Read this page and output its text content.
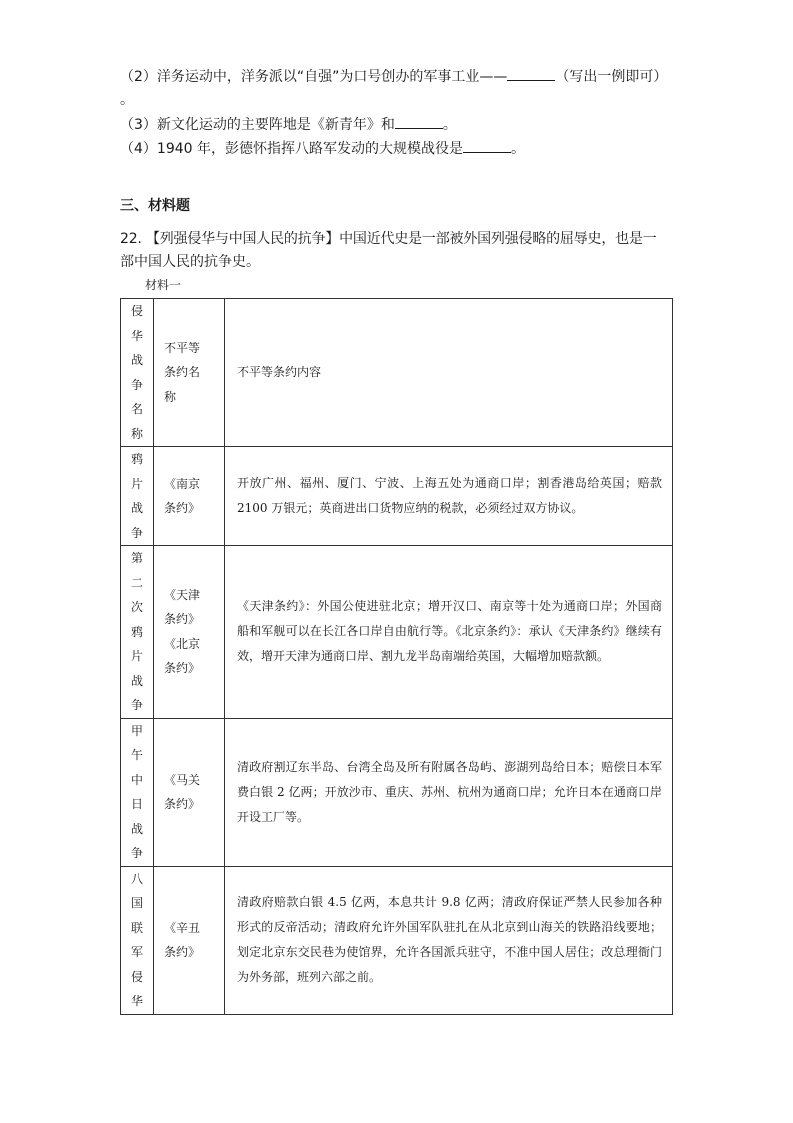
（2）洋务运动中，洋务派以“自强”为口号创办的军事工业——	（写出一例即可）
。
（3）新文化运动的主要阵地是《新青年》和	。
（4）1940 年，彭德怀指挥八路军发动的大规模战役是	。
三、材料题
22. 【列强侵华与中国人民的抗争】中国近代史是一部被外国列强侵略的屈辱史，也是一
部中国人民的抗争史。
材料一
侵华战争名称	不平等条约名称	不平等条约内容
鸦片战争	《南京条约》	开放广州、福州、厦门、宁波、上海五处为通商口岸；割香港岛给英国；赔款 2100 万银元；英商进出口货物应纳的税款，必须经过双方协议。
第二次鸦片战争	《天津条约》《北京条约》	《天津条约》：外国公使进驻北京；增开汉口、南京等十处为通商口岸；外国商船和军舰可以在长江各口岸自由航行等。《北京条约》：承认《天津条约》继续有效，增开天津为通商口岸、割九龙半岛南端给英国，大幅增加赔款额。
甲午中日战争	《马关条约》	清政府割辽东半岛、台湾全岛及所有附属各岛屿、澎湖列岛给日本；赔偿日本军费白银 2 亿两；开放沙市、重庆、苏州、杭州为通商口岸；允许日本在通商口岸开设工厂等。
八国联军侵华	《辛丑条约》	清政府赔款白银 4.5 亿两，本息共计 9.8 亿两；清政府保证严禁人民参加各种形式的反帝活动；清政府允许外国军队驻扎在从北京到山海关的铁路沿线要地；划定北京东交民巷为使馆界，允许各国派兵驻守，不准中国人居住；改总理衙门为外务部，班列六部之前。
